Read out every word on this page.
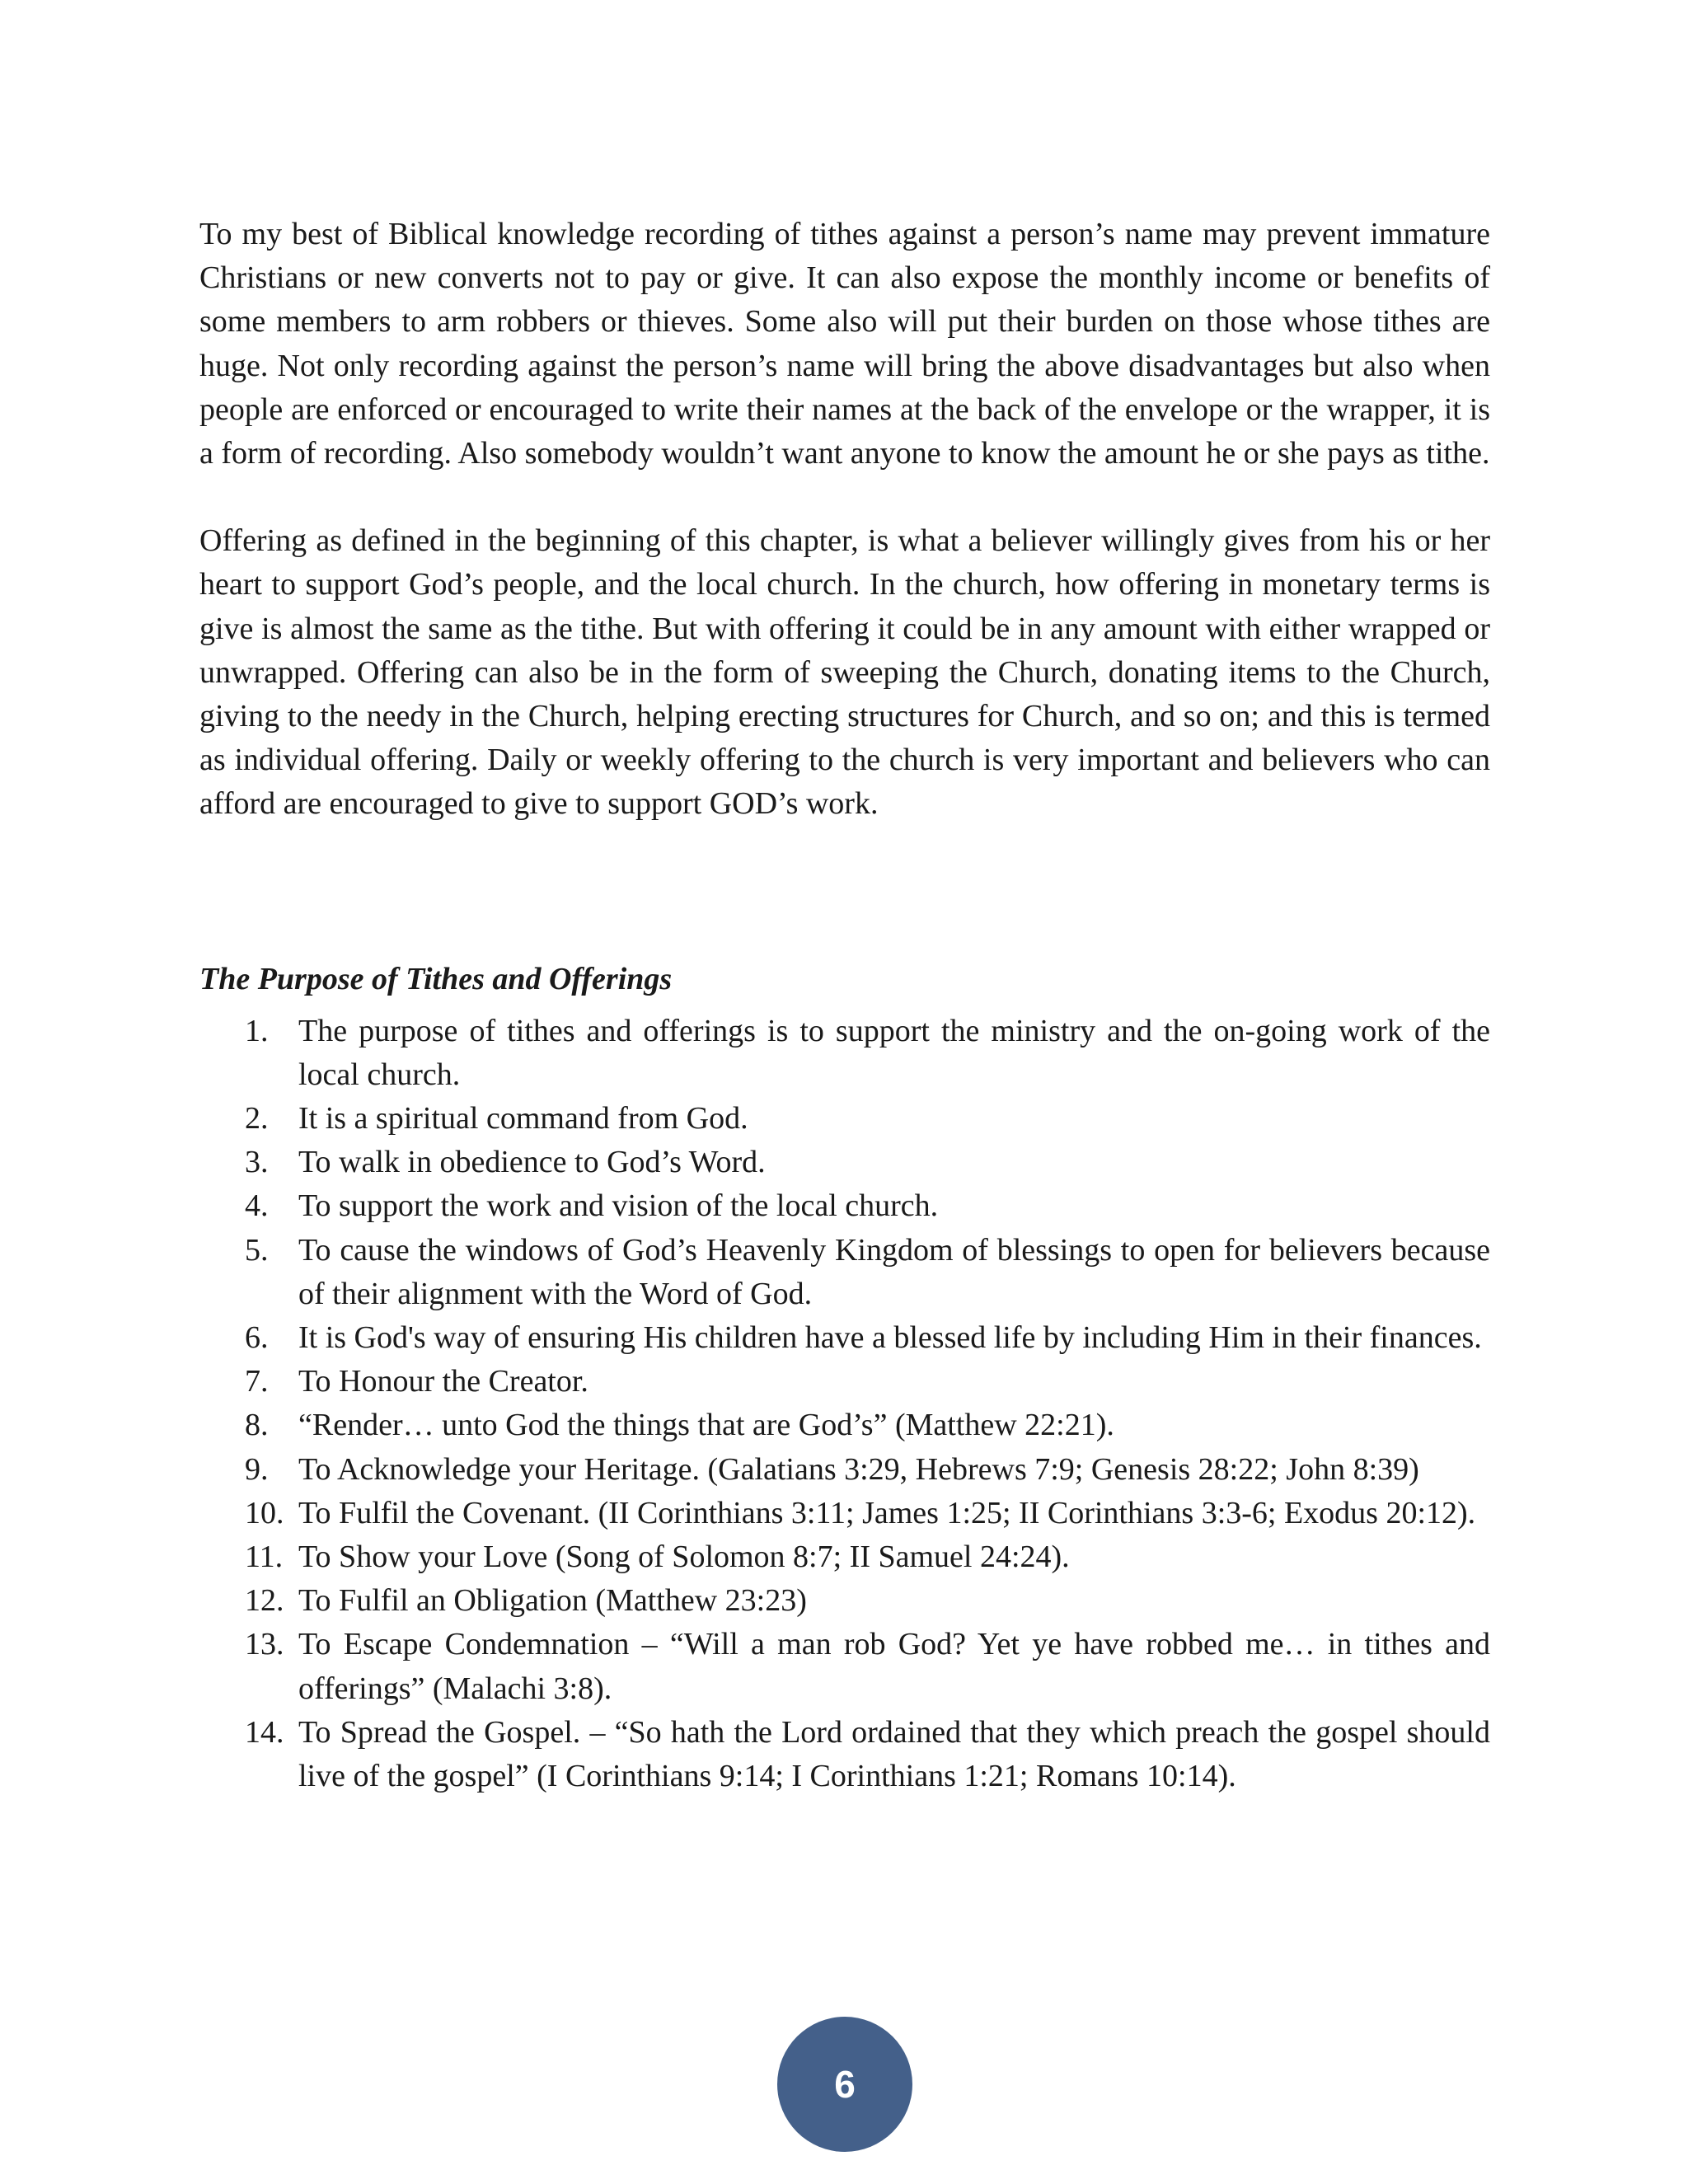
To my best of Biblical knowledge recording of tithes against a person’s name may prevent immature Christians or new converts not to pay or give. It can also expose the monthly income or benefits of some members to arm robbers or thieves. Some also will put their burden on those whose tithes are huge. Not only recording against the person’s name will bring the above disadvantages but also when people are enforced or encouraged to write their names at the back of the envelope or the wrapper, it is a form of recording. Also somebody wouldn’t want anyone to know the amount he or she pays as tithe.

Offering as defined in the beginning of this chapter, is what a believer willingly gives from his or her heart to support God’s people, and the local church. In the church, how offering in monetary terms is give is almost the same as the tithe. But with offering it could be in any amount with either wrapped or unwrapped. Offering can also be in the form of sweeping the Church, donating items to the Church, giving to the needy in the Church, helping erecting structures for Church, and so on; and this is termed as individual offering. Daily or weekly offering to the church is very important and believers who can afford are encouraged to give to support GOD’s work.

The Purpose of Tithes and Offerings
1. The purpose of tithes and offerings is to support the ministry and the on-going work of the local church.
2. It is a spiritual command from God.
3. To walk in obedience to God’s Word.
4. To support the work and vision of the local church.
5. To cause the windows of God’s Heavenly Kingdom of blessings to open for believers because of their alignment with the Word of God.
6. It is God's way of ensuring His children have a blessed life by including Him in their finances.
7. To Honour the Creator.
8. “Render… unto God the things that are God’s” (Matthew 22:21).
9. To Acknowledge your Heritage. (Galatians 3:29, Hebrews 7:9; Genesis 28:22; John 8:39)
10. To Fulfil the Covenant. (II Corinthians 3:11; James 1:25; II Corinthians 3:3-6; Exodus 20:12).
11. To Show your Love (Song of Solomon 8:7; II Samuel 24:24).
12. To Fulfil an Obligation (Matthew 23:23)
13. To Escape Condemnation – “Will a man rob God? Yet ye have robbed me… in tithes and offerings” (Malachi 3:8).
14. To Spread the Gospel. – “So hath the Lord ordained that they which preach the gospel should live of the gospel” (I Corinthians 9:14; I Corinthians 1:21; Romans 10:14).
6
